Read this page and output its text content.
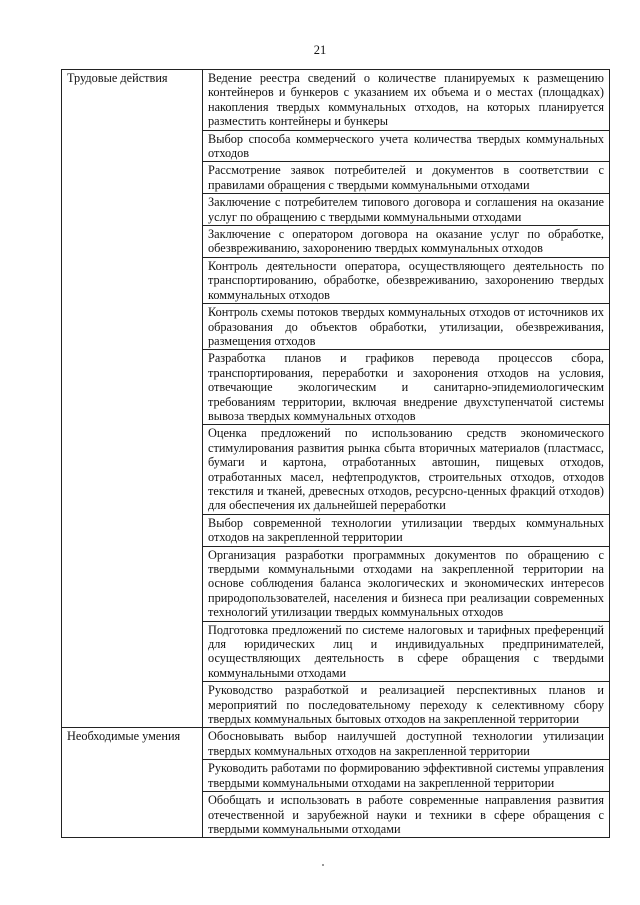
21
Трудовые действия	Ведение реестра сведений о количестве планируемых к размещению контейнеров и бункеров с указанием их объема и о местах (площадках) накопления твердых коммунальных отходов, на которых планируется разместить контейнеры и бункеры
	Выбор способа коммерческого учета количества твердых коммунальных отходов
	Рассмотрение заявок потребителей и документов в соответствии с правилами обращения с твердыми коммунальными отходами
	Заключение с потребителем типового договора и соглашения на оказание услуг по обращению с твердыми коммунальными отходами
	Заключение с оператором договора на оказание услуг по обработке, обезвреживанию, захоронению твердых коммунальных отходов
	Контроль деятельности оператора, осуществляющего деятельность по транспортированию, обработке, обезвреживанию, захоронению твердых коммунальных отходов
	Контроль схемы потоков твердых коммунальных отходов от источников их образования до объектов обработки, утилизации, обезвреживания, размещения отходов
	Разработка планов и графиков перевода процессов сбора, транспортирования, переработки и захоронения отходов на условия, отвечающие экологическим и санитарно-эпидемиологическим требованиям территории, включая внедрение двухступенчатой системы вывоза твердых коммунальных отходов
	Оценка предложений по использованию средств экономического стимулирования развития рынка сбыта вторичных материалов (пластмасс, бумаги и картона, отработанных автошин, пищевых отходов, отработанных масел, нефтепродуктов, строительных отходов, отходов текстиля и тканей, древесных отходов, ресурсно-ценных фракций отходов) для обеспечения их дальнейшей переработки
	Выбор современной технологии утилизации твердых коммунальных отходов на закрепленной территории
	Организация разработки программных документов по обращению с твердыми коммунальными отходами на закрепленной территории на основе соблюдения баланса экологических и экономических интересов природопользователей, населения и бизнеса при реализации современных технологий утилизации твердых коммунальных отходов
	Подготовка предложений по системе налоговых и тарифных преференций для юридических лиц и индивидуальных предпринимателей, осуществляющих деятельность в сфере обращения с твердыми коммунальными отходами
	Руководство разработкой и реализацией перспективных планов и мероприятий по последовательному переходу к селективному сбору твердых коммунальных бытовых отходов на закрепленной территории
Необходимые умения	Обосновывать выбор наилучшей доступной технологии утилизации твердых коммунальных отходов на закрепленной территории
	Руководить работами по формированию эффективной системы управления твердыми коммунальными отходами на закрепленной территории
	Обобщать и использовать в работе современные направления развития отечественной и зарубежной науки и техники в сфере обращения с твердыми коммунальными отходами
